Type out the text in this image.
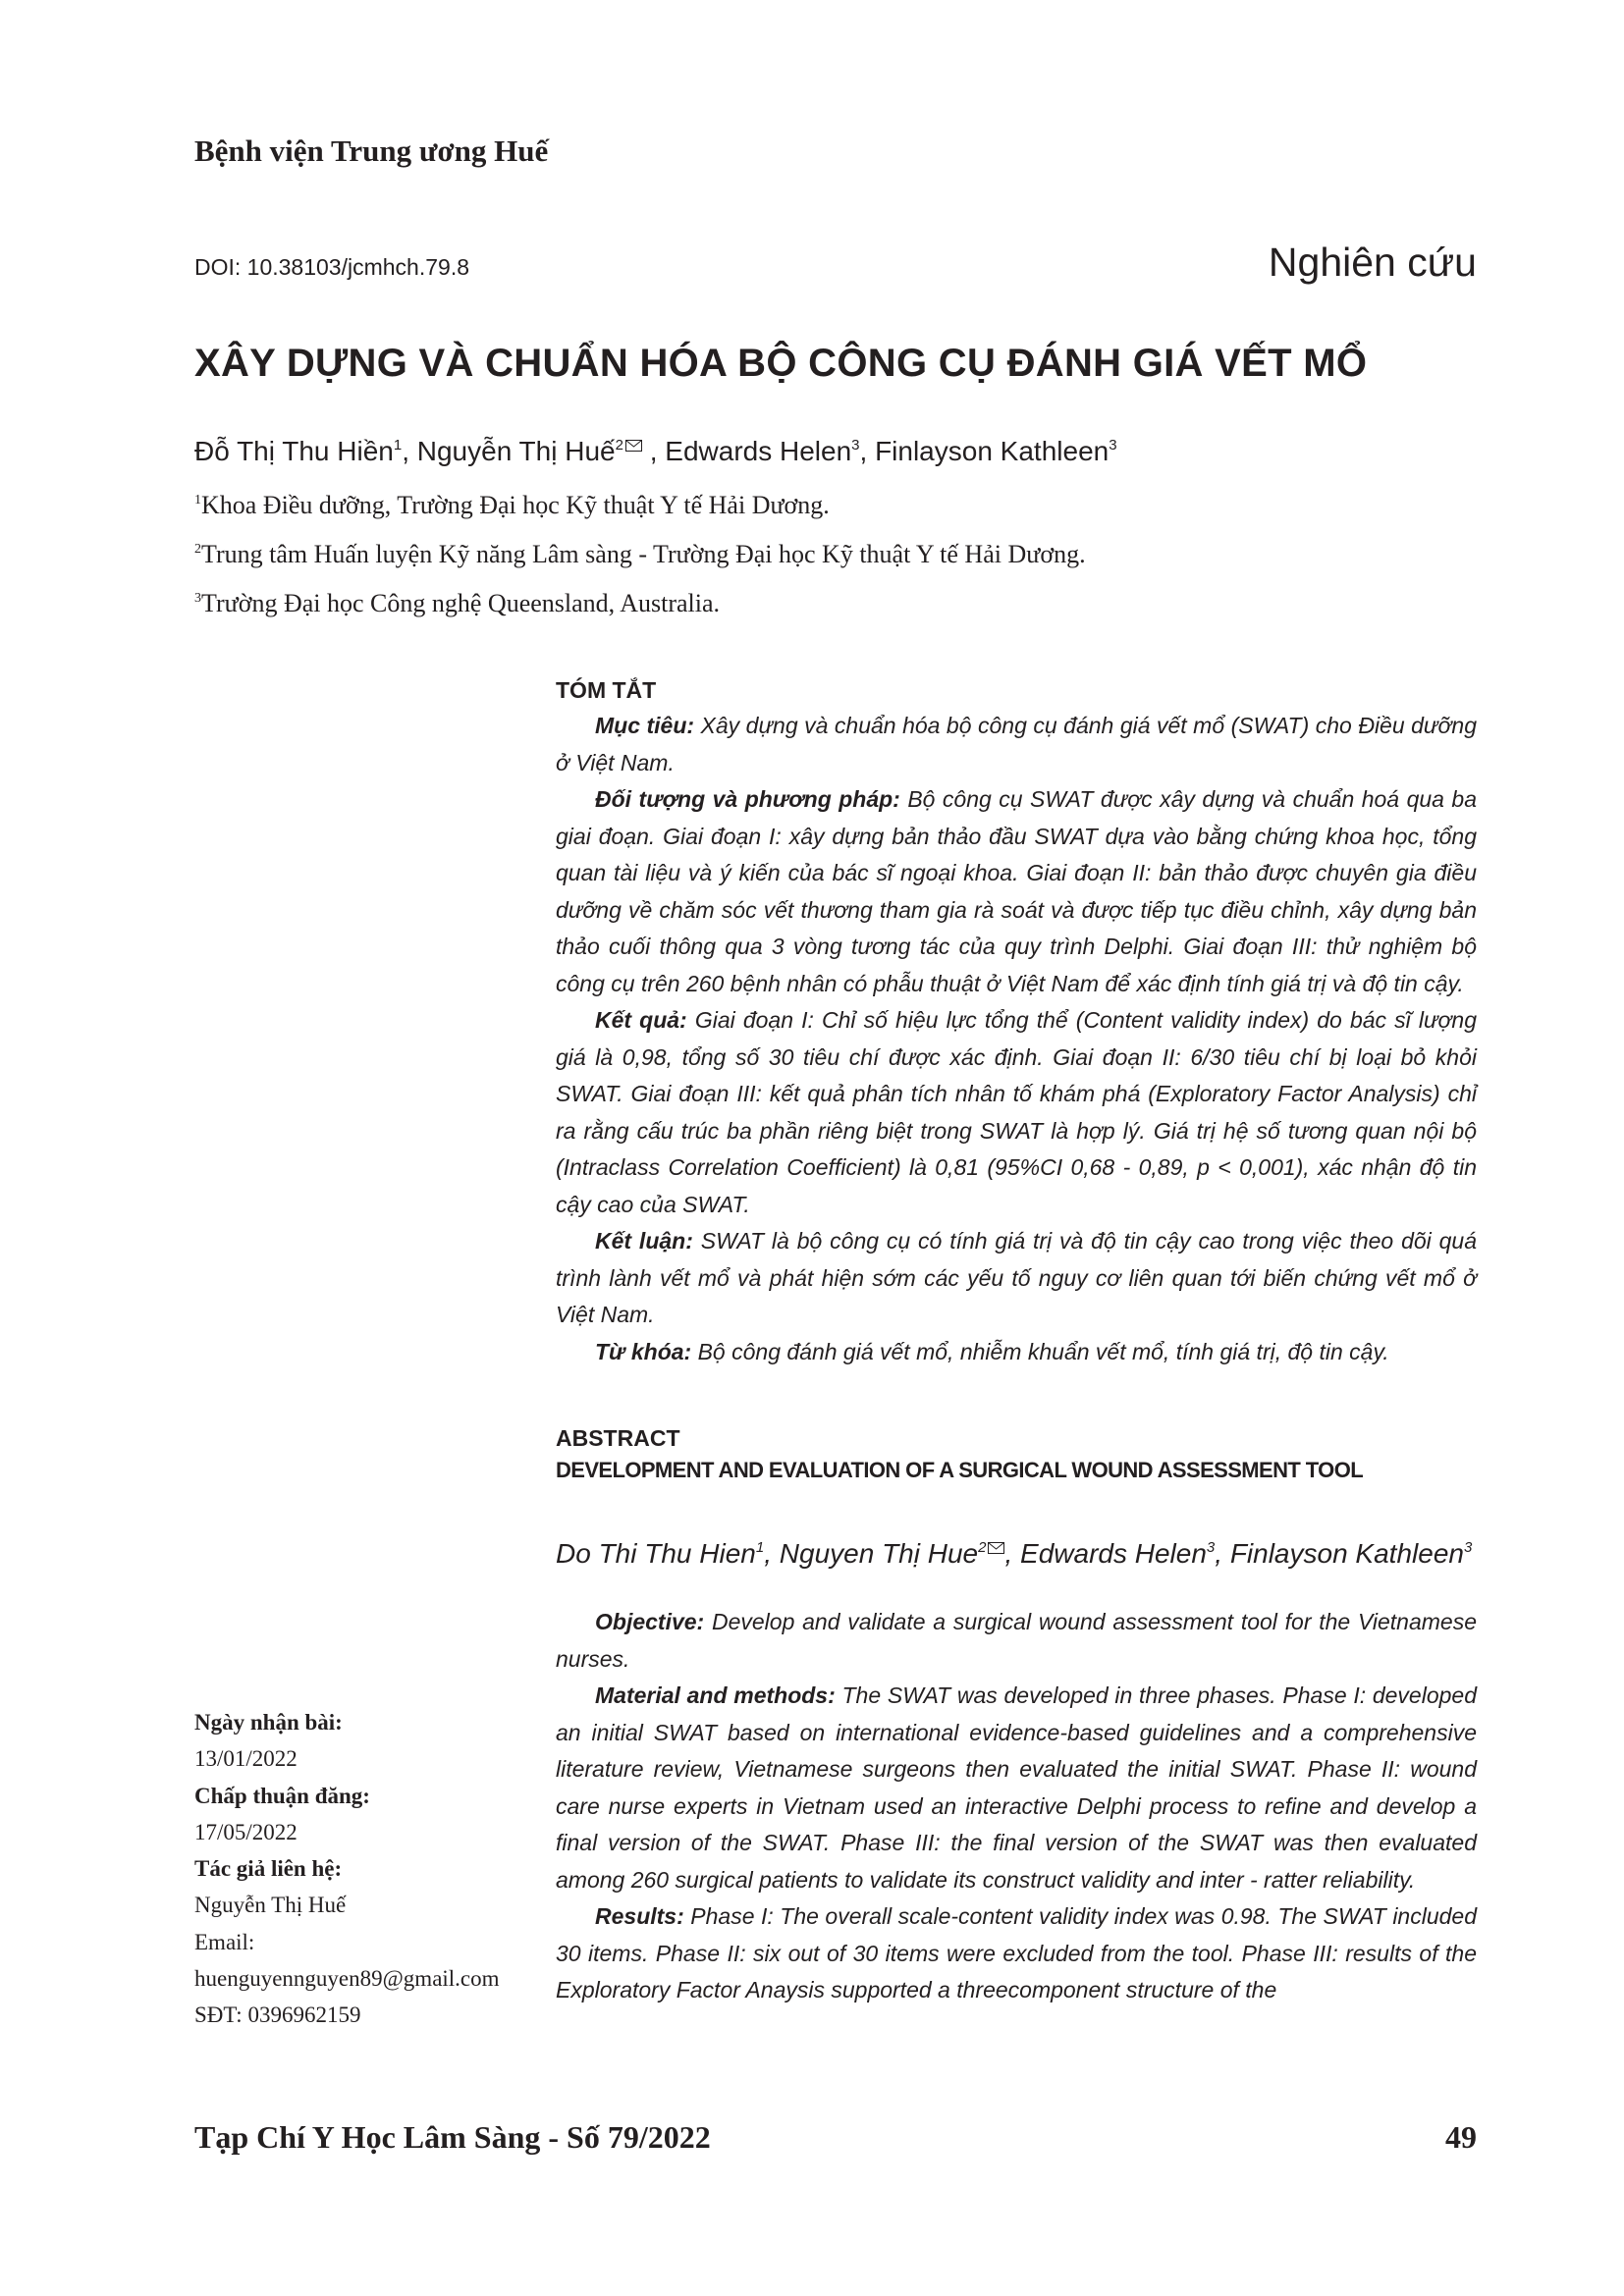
Bệnh viện Trung ương Huế
DOI: 10.38103/jcmhch.79.8	Nghiên cứu
XÂY DỰNG VÀ CHUẨN HÓA BỘ CÔNG CỤ ĐÁNH GIÁ VẾT MỔ
Đỗ Thị Thu Hiền$^1$, Nguyễn Thị Huế$^2$ , Edwards Helen$^3$, Finlayson Kathleen$^3$
$^1$Khoa Điều dưỡng, Trường Đại học Kỹ thuật Y tế Hải Dương.
$^2$Trung tâm Huấn luyện Kỹ năng Lâm sàng - Trường Đại học Kỹ thuật Y tế Hải Dương.
$^3$Trường Đại học Công nghệ Queensland, Australia.
TÓM TẮT

Mục tiêu: Xây dựng và chuẩn hóa bộ công cụ đánh giá vết mổ (SWAT) cho Điều dưỡng ở Việt Nam.

Đối tượng và phương pháp: Bộ công cụ SWAT được xây dựng và chuẩn hoá qua ba giai đoạn. Giai đoạn I: xây dựng bản thảo đầu SWAT dựa vào bằng chứng khoa học, tổng quan tài liệu và ý kiến của bác sĩ ngoại khoa. Giai đoạn II: bản thảo được chuyên gia điều dưỡng về chăm sóc vết thương tham gia rà soát và được tiếp tục điều chỉnh, xây dựng bản thảo cuối thông qua 3 vòng tương tác của quy trình Delphi. Giai đoạn III: thử nghiệm bộ công cụ trên 260 bệnh nhân có phẫu thuật ở Việt Nam để xác định tính giá trị và độ tin cậy.

Kết quả: Giai đoạn I: Chỉ số hiệu lực tổng thể (Content validity index) do bác sĩ lượng giá là 0,98, tổng số 30 tiêu chí được xác định. Giai đoạn II: 6/30 tiêu chí bị loại bỏ khỏi SWAT. Giai đoạn III: kết quả phân tích nhân tố khám phá (Exploratory Factor Analysis) chỉ ra rằng cấu trúc ba phần riêng biệt trong SWAT là hợp lý. Giá trị hệ số tương quan nội bộ (Intraclass Correlation Coefficient) là 0,81 (95%CI 0,68 - 0,89, p < 0,001), xác nhận độ tin cậy cao của SWAT.

Kết luận: SWAT là bộ công cụ có tính giá trị và độ tin cậy cao trong việc theo dõi quá trình lành vết mổ và phát hiện sớm các yếu tố nguy cơ liên quan tới biến chứng vết mổ ở Việt Nam.

Từ khóa: Bộ công đánh giá vết mổ, nhiễm khuẩn vết mổ, tính giá trị, độ tin cậy.

ABSTRACT
DEVELOPMENT AND EVALUATION OF A SURGICAL WOUND ASSESSMENT TOOL
Do Thi Thu Hien$^1$, Nguyen Thị Hue$^2$ , Edwards Helen$^3$, Finlayson Kathleen$^3$

Objective: Develop and validate a surgical wound assessment tool for the Vietnamese nurses.

Material and methods: The SWAT was developed in three phases. Phase I: developed an initial SWAT based on international evidence-based guidelines and a comprehensive literature review, Vietnamese surgeons then evaluated the initial SWAT. Phase II: wound care nurse experts in Vietnam used an interactive Delphi process to refine and develop a final version of the SWAT. Phase III: the final version of the SWAT was then evaluated among 260 surgical patients to validate its construct validity and inter - ratter reliability.

Results: Phase I: The overall scale-content validity index was 0.98. The SWAT included 30 items. Phase II: six out of 30 items were excluded from the tool. Phase III: results of the Exploratory Factor Anaysis supported a threecomponent structure of the

Ngày nhận bài:
13/01/2022
Chấp thuận đăng:
17/05/2022
Tác giả liên hệ:
Nguyễn Thị Huế
Email:
huenguyennguyen89@gmail.com
SĐT: 0396962159
Tạp Chí Y Học Lâm Sàng - Số 79/2022	49
